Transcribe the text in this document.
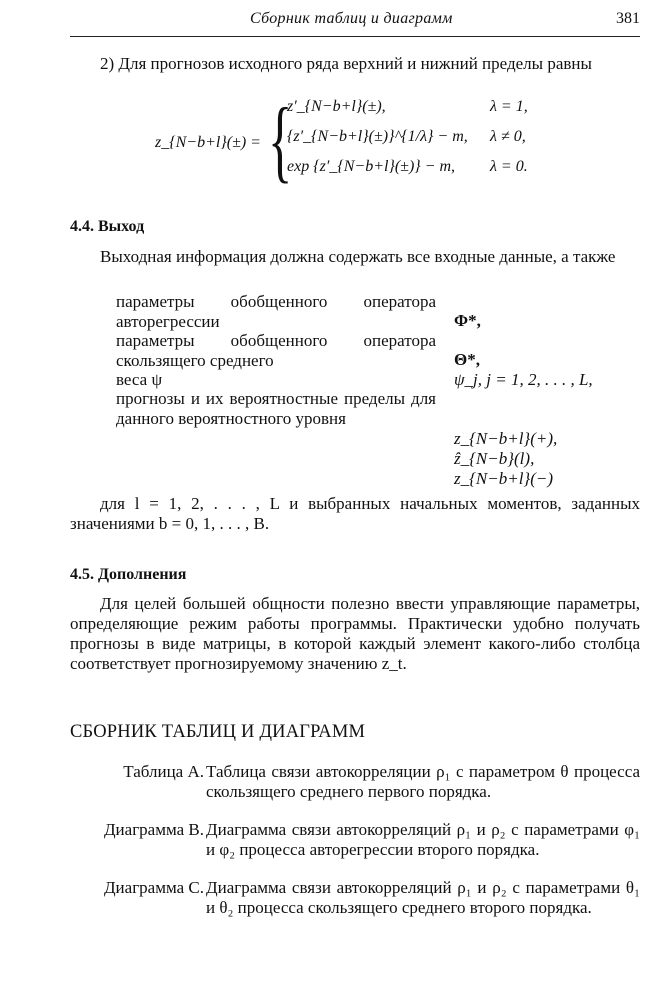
Сборник таблиц и диаграмм	381

2) Для прогнозов исходного ряда верхний и нижний пределы равны

z_{N−b+l}(±) = {
z′_{N−b+l}(±),	λ = 1,
{z′_{N−b+l}(±)}^{1/λ} − m, λ ≠ 0,
exp {z′_{N−b+l}(±)} − m, λ = 0.
4.4. Выход

Выходная информация должна содержать все входные данные, а также

параметры обобщенного оператора авторегрессии	Φ*,
параметры обобщенного оператора скользящего среднего	Θ*,
веса ψ	ψ_j, j = 1, 2, . . . , L,
прогнозы и их вероятностные пределы для данного вероятностного уровня
z_{N−b+l}(+),
ẑ_{N−b}(l),
z_{N−b+l}(−)

для l = 1, 2, . . . , L и выбранных начальных моментов, заданных значениями b = 0, 1, . . . , B.

4.5. Дополнения

Для целей большей общности полезно ввести управляющие параметры, определяющие режим работы программы. Практически удобно получать прогнозы в виде матрицы, в которой каждый элемент какого-либо столбца соответствует прогнозируемому значению z_t.

СБОРНИК ТАБЛИЦ И ДИАГРАММ
Таблица A. Таблица связи автокорреляции ρ₁ с параметром θ процесса скользящего среднего первого порядка.
Диаграмма B. Диаграмма связи автокорреляций ρ₁ и ρ₂ с параметрами φ₁ и φ₂ процесса авторегрессии второго порядка.
Диаграмма C. Диаграмма связи автокорреляций ρ₁ и ρ₂ с параметрами θ₁ и θ₂ процесса скользящего среднего второго порядка.
